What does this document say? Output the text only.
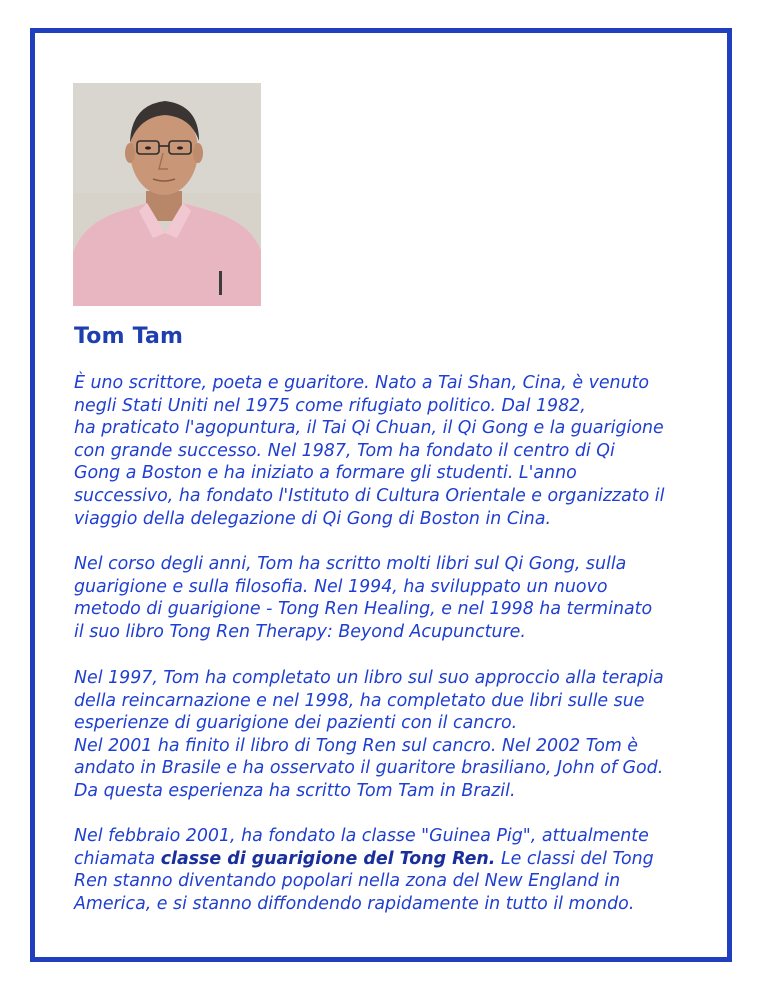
Tom Tam

È uno scrittore, poeta e guaritore. Nato a Tai Shan, Cina, è venuto
negli Stati Uniti nel 1975 come rifugiato politico. Dal 1982,
ha praticato l'agopuntura, il Tai Qi Chuan, il Qi Gong e la guarigione
con grande successo. Nel 1987, Tom ha fondato il centro di Qi
Gong a Boston e ha iniziato a formare gli studenti. L'anno
successivo, ha fondato l'Istituto di Cultura Orientale e organizzato il
viaggio della delegazione di Qi Gong di Boston in Cina.

Nel corso degli anni, Tom ha scritto molti libri sul Qi Gong, sulla
guarigione e sulla filosofia. Nel 1994, ha sviluppato un nuovo
metodo di guarigione - Tong Ren Healing, e nel 1998 ha terminato
il suo libro Tong Ren Therapy: Beyond Acupuncture.

Nel 1997, Tom ha completato un libro sul suo approccio alla terapia
della reincarnazione e nel 1998, ha completato due libri sulle sue
esperienze di guarigione dei pazienti con il cancro.
Nel 2001 ha finito il libro di Tong Ren sul cancro. Nel 2002 Tom è
andato in Brasile e ha osservato il guaritore brasiliano, John of God.
Da questa esperienza ha scritto Tom Tam in Brazil.

Nel febbraio 2001, ha fondato la classe "Guinea Pig", attualmente
chiamata classe di guarigione del Tong Ren. Le classi del Tong
Ren stanno diventando popolari nella zona del New England in
America, e si stanno diffondendo rapidamente in tutto il mondo.
